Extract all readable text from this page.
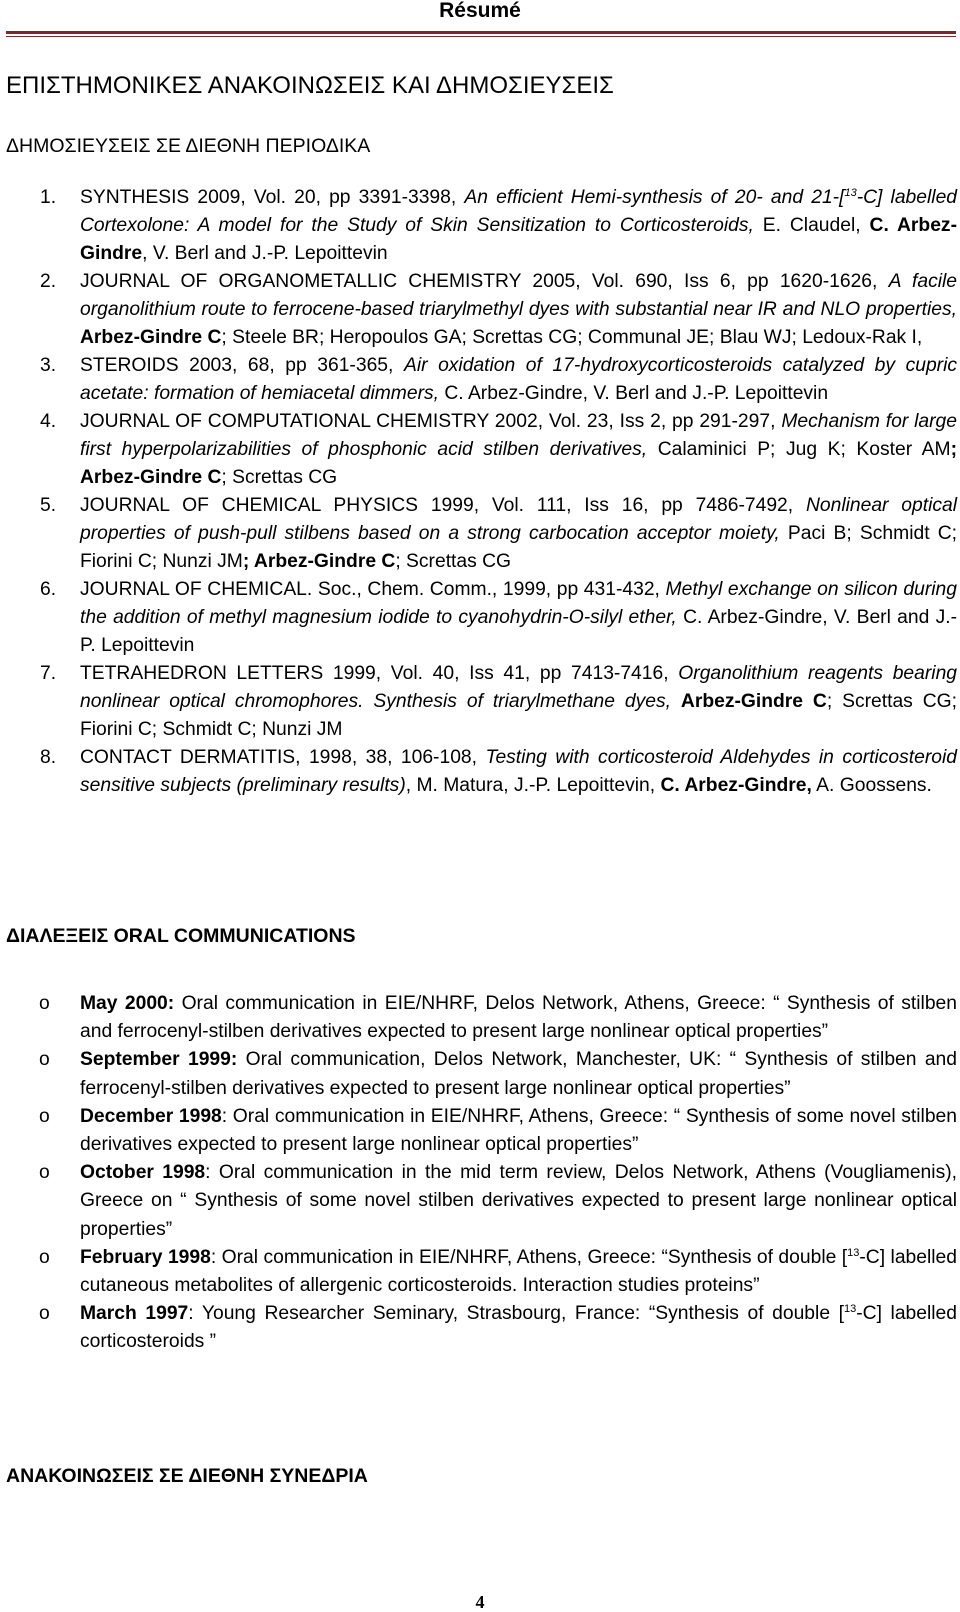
Résumé
ΕΠΙΣΤΗΜΟΝΙΚΕΣ ΑΝΑΚΟΙΝΩΣΕΙΣ ΚΑΙ ΔΗΜΟΣΙΕΥΣΕΙΣ
ΔΗΜΟΣΙΕΥΣΕΙΣ ΣΕ ΔΙΕΘΝΗ ΠΕΡΙΟΔΙΚΑ
1. SYNTHESIS 2009, Vol. 20, pp 3391-3398, An efficient Hemi-synthesis of 20- and 21-[$^{13}$-C] labelled Cortexolone: A model for the Study of Skin Sensitization to Corticosteroids, E. Claudel, C. Arbez-Gindre, V. Berl and J.-P. Lepoittevin
2. JOURNAL OF ORGANOMETALLIC CHEMISTRY 2005, Vol. 690, Iss 6, pp 1620-1626, A facile organolithium route to ferrocene-based triarylmethyl dyes with substantial near IR and NLO properties, Arbez-Gindre C; Steele BR; Heropoulos GA; Screttas CG; Communal JE; Blau WJ; Ledoux-Rak I,
3. STEROIDS 2003, 68, pp 361-365, Air oxidation of 17-hydroxycorticosteroids catalyzed by cupric acetate: formation of hemiacetal dimmers, C. Arbez-Gindre, V. Berl and J.-P. Lepoittevin
4. JOURNAL OF COMPUTATIONAL CHEMISTRY 2002, Vol. 23, Iss 2, pp 291-297, Mechanism for large first hyperpolarizabilities of phosphonic acid stilben derivatives, Calaminici P; Jug K; Koster AM; Arbez-Gindre C; Screttas CG
5. JOURNAL OF CHEMICAL PHYSICS 1999, Vol. 111, Iss 16, pp 7486-7492, Nonlinear optical properties of push-pull stilbens based on a strong carbocation acceptor moiety, Paci B; Schmidt C; Fiorini C; Nunzi JM; Arbez-Gindre C; Screttas CG
6. JOURNAL OF CHEMICAL. Soc., Chem. Comm., 1999, pp 431-432, Methyl exchange on silicon during the addition of methyl magnesium iodide to cyanohydrin-O-silyl ether, C. Arbez-Gindre, V. Berl and J.-P. Lepoittevin
7. TETRAHEDRON LETTERS 1999, Vol. 40, Iss 41, pp 7413-7416, Organolithium reagents bearing nonlinear optical chromophores. Synthesis of triarylmethane dyes, Arbez-Gindre C; Screttas CG; Fiorini C; Schmidt C; Nunzi JM
8. CONTACT DERMATITIS, 1998, 38, 106-108, Testing with corticosteroid Aldehydes in corticosteroid sensitive subjects (preliminary results), M. Matura, J.-P. Lepoittevin, C. Arbez-Gindre, A. Goossens.
ΔΙΑΛΕΞΕΙΣ ORAL COMMUNICATIONS
o May 2000: Oral communication in EIE/NHRF, Delos Network, Athens, Greece: “ Synthesis of stilben and ferrocenyl-stilben derivatives expected to present large nonlinear optical properties”
o September 1999: Oral communication, Delos Network, Manchester, UK: “ Synthesis of stilben and ferrocenyl-stilben derivatives expected to present large nonlinear optical properties”
o December 1998: Oral communication in EIE/NHRF, Athens, Greece: “ Synthesis of some novel stilben derivatives expected to present large nonlinear optical properties”
o October 1998: Oral communication in the mid term review, Delos Network, Athens (Vougliamenis), Greece on “ Synthesis of some novel stilben derivatives expected to present large nonlinear optical properties”
o February 1998: Oral communication in EIE/NHRF, Athens, Greece: “Synthesis of double [$^{13}$-C] labelled cutaneous metabolites of allergenic corticosteroids. Interaction studies proteins”
o March 1997: Young Researcher Seminary, Strasbourg, France: “Synthesis of double [$^{13}$-C] labelled corticosteroids ”
ΑΝΑΚΟΙΝΩΣΕΙΣ ΣΕ ΔΙΕΘΝΗ ΣΥΝΕΔΡΙΑ
4
